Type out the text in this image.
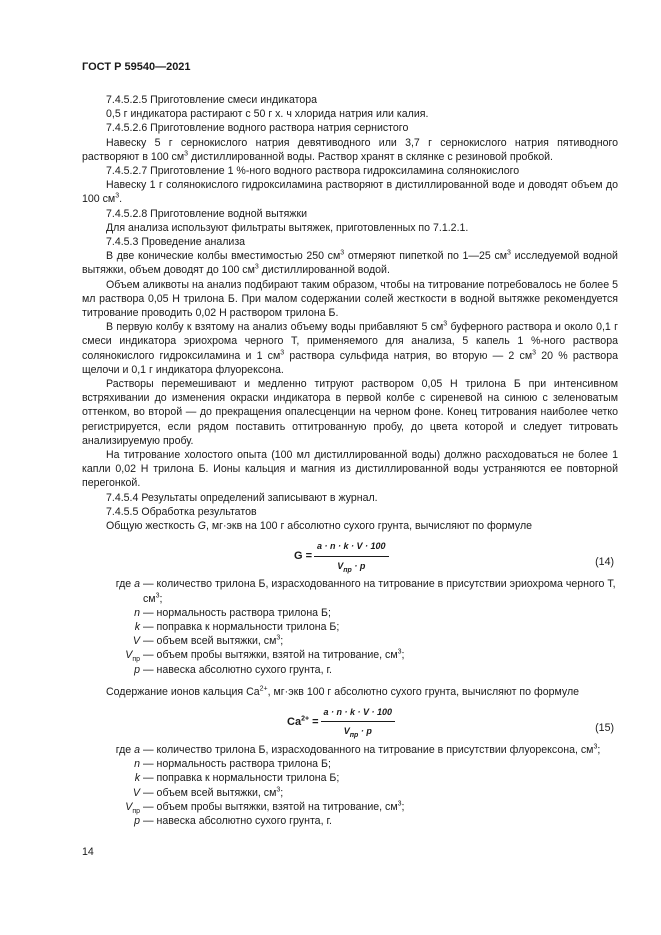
ГОСТ Р 59540—2021

7.4.5.2.5 Приготовление смеси индикатора

0,5 г индикатора растирают с 50 г х. ч хлорида натрия или калия.

7.4.5.2.6 Приготовление водного раствора натрия сернистого

Навеску 5 г сернокислого натрия девятиводного или 3,7 г сернокислого натрия пятиводного растворяют в 100 $см^3$ дистиллированной воды. Раствор хранят в склянке с резиновой пробкой.

7.4.5.2.7 Приготовление 1 %-ного водного раствора гидроксиламина солянокислого

Навеску 1 г солянокислого гидроксиламина растворяют в дистиллированной воде и доводят объем до 100 $см^3$.

7.4.5.2.8 Приготовление водной вытяжки

Для анализа используют фильтраты вытяжек, приготовленных по 7.1.2.1.

7.4.5.3 Проведение анализа

В две конические колбы вместимостью 250 $см^3$ отмеряют пипеткой по 1—25 $см^3$ исследуемой водной вытяжки, объем доводят до 100 $см^3$ дистиллированной водой.

Объем аликвоты на анализ подбирают таким образом, чтобы на титрование потребовалось не более 5 мл раствора 0,05 Н трилона Б. При малом содержании солей жесткости в водной вытяжке рекомендуется титрование проводить 0,02 Н раствором трилона Б.

В первую колбу к взятому на анализ объему воды прибавляют 5 $см^3$ буферного раствора и около 0,1 г смеси индикатора эриохрома черного Т, применяемого для анализа, 5 капель 1 %-ного раствора солянокислого гидроксиламина и 1 $см^3$ раствора сульфида натрия, во вторую — 2 $см^3$ 20 % раствора щелочи и 0,1 г индикатора флуорексона.

Растворы перемешивают и медленно титруют раствором 0,05 Н трилона Б при интенсивном встряхивании до изменения окраски индикатора в первой колбе с сиреневой на синюю с зеленоватым оттенком, во второй — до прекращения опалесценции на черном фоне. Конец титрования наиболее четко регистрируется, если рядом поставить оттитрованную пробу, до цвета которой и следует титровать анализируемую пробу.

На титрование холостого опыта (100 мл дистиллированной воды) должно расходоваться не более 1 капли 0,02 Н трилона Б. Ионы кальция и магния из дистиллированной воды устраняются ее повторной перегонкой.

7.4.5.4 Результаты определений записывают в журнал.

7.4.5.5 Обработка результатов

Общую жесткость G, мг·экв на 100 г абсолютно сухого грунта, вычисляют по формуле

$G = \frac{a \cdot n \cdot k \cdot V \cdot 100}{V_{пр} \cdot p}$	(14)
где a — количество трилона Б, израсходованного на титрование в присутствии эриохрома черного Т, $см^3$;
n — нормальность раствора трилона Б;
k — поправка к нормальности трилона Б;
V — объем всей вытяжки, $см^3$;
$V_{пр}$ — объем пробы вытяжки, взятой на титрование, $см^3$;
p — навеска абсолютно сухого грунта, г.

Содержание ионов кальция $Ca^{2+}$, мг·экв 100 г абсолютно сухого грунта, вычисляют по формуле

$Ca^{2+} = \frac{a \cdot n \cdot k \cdot V \cdot 100}{V_{пр} \cdot p}$	(15)
где a — количество трилона Б, израсходованного на титрование в присутствии флуорексона, $см^3$;
n — нормальность раствора трилона Б;
k — поправка к нормальности трилона Б;
V — объем всей вытяжки, $см^3$;
$V_{пр}$ — объем пробы вытяжки, взятой на титрование, $см^3$;
p — навеска абсолютно сухого грунта, г.
14
